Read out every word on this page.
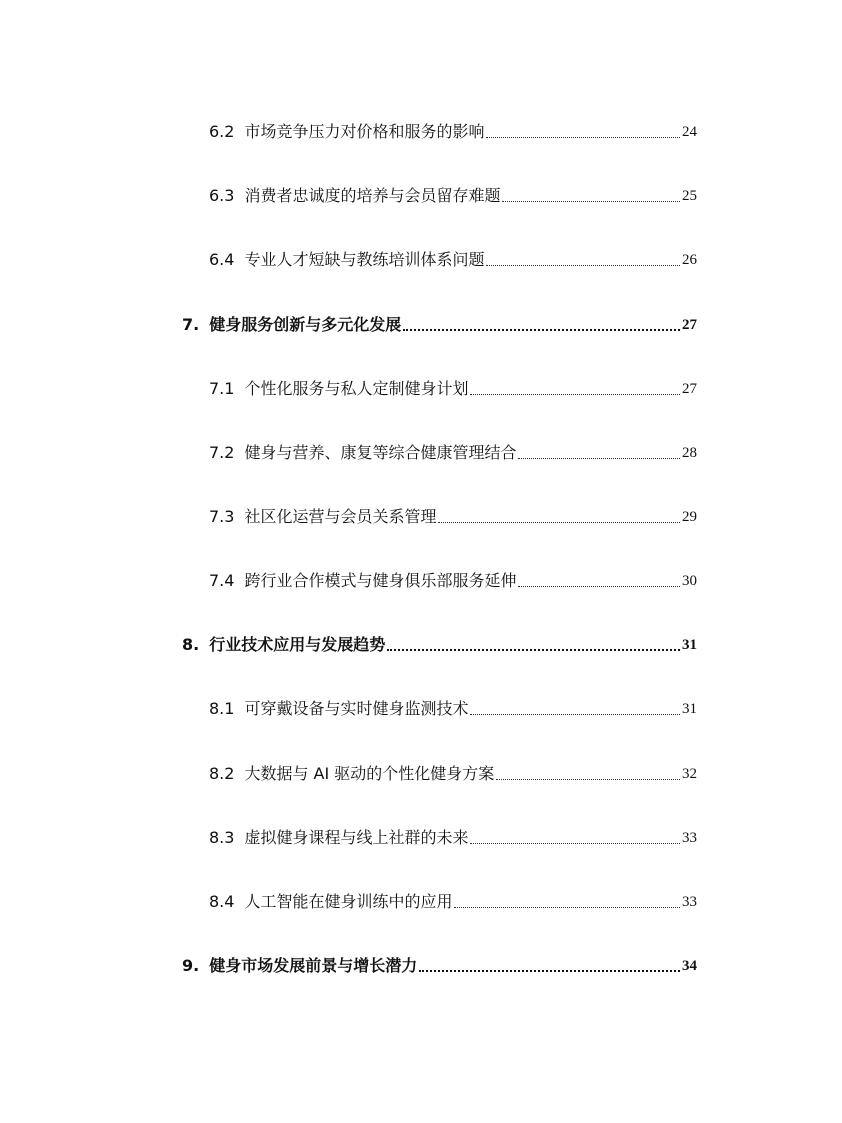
6.2 市场竞争压力对价格和服务的影响	24
6.3 消费者忠诚度的培养与会员留存难题	25
6.4 专业人才短缺与教练培训体系问题	26
7. 健身服务创新与多元化发展	27
7.1 个性化服务与私人定制健身计划	27
7.2 健身与营养、康复等综合健康管理结合	28
7.3 社区化运营与会员关系管理	29
7.4 跨行业合作模式与健身俱乐部服务延伸	30
8. 行业技术应用与发展趋势	31
8.1 可穿戴设备与实时健身监测技术	31
8.2 大数据与 AI 驱动的个性化健身方案	32
8.3 虚拟健身课程与线上社群的未来	33
8.4 人工智能在健身训练中的应用	33
9. 健身市场发展前景与增长潜力	34
